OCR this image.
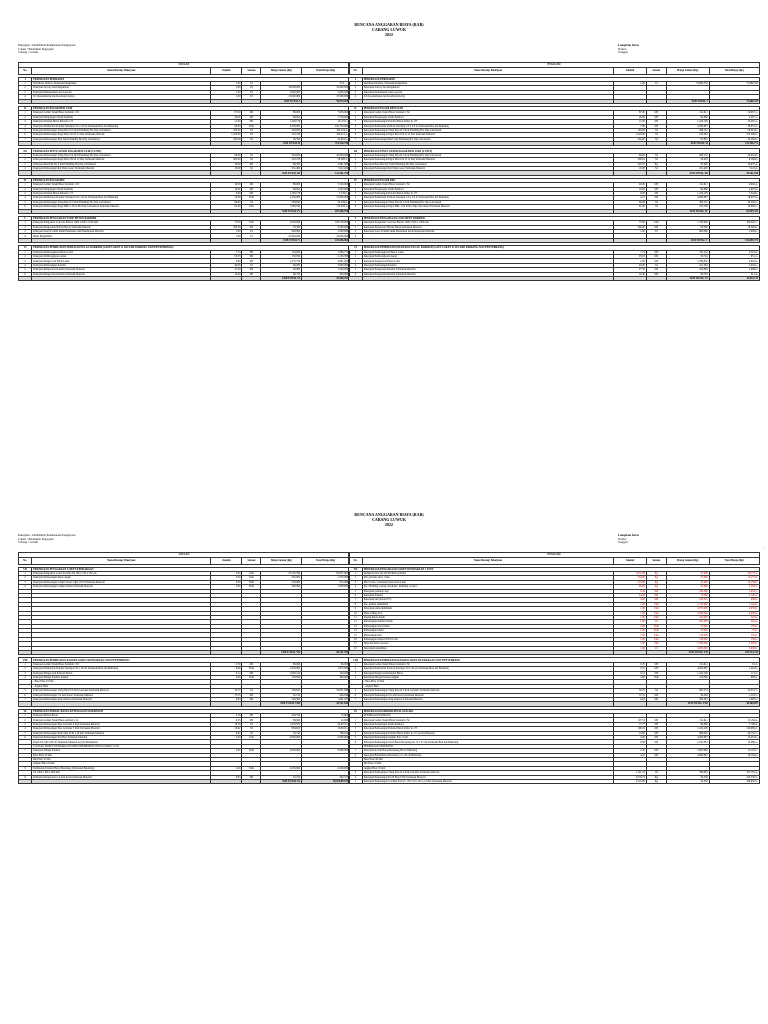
RENCANA ANGGARAN BIAYA (RAB)
CABANG LUWUK
2022
Pekerjaan : Identifikasi Pelaksanaan Pengerjaan
Lokasi : Pelabuhan Pegerjaan
Cabang : Luwuk
Lampiran Surat
Nomor
Tanggal
USULAN					
No.	Nama Barang/ Pekerjaan	Jumlah	Satuan	Harga Satuan (Rp)	Total Harga (Rp)

I	PEKERJAAN PERSIAPAN				
1	Mobilisasi Demob, Termasuk Pengiriman	1.00	LS		21.0…..
2	Pekerjaan Survey dan Pengukuran	1.00	LS	10,000,000	10,000,000
3	Pekerjaan Dokumentasi dan Laporan	1.00	LS	2,000,000	2,000,000
4	K3 (Keselamatan dan Kesehatan Kerja)	1.00	LS	15,000,000	15,000,000
				SUB TOTAL I	59,074,200

II	PEKERJAAN PAGAR BESI ULIR				
1	Pekerjaan Galian Tanah Biasa Sedalam 1 M	87.00	M3	88,000	7,656,000
2	Pekerjaan Pengurugan Tanah Kembali	26.00	M3	66,000	1,716,000
3	Pekerjaan Pondasi Beton Rabat K-175	11.00	M3	1,193,178	13,125,0..
4	Pekerjaan Pembuatan Pondasi Setempat 0.6 x 0.6 m Termasuk Besi dan Bekisting	99.00	Titik	2,250,000	222,750,000
5	Pekerjaan Pemasangan Tiang Pipa Ø 3 Inch Finishing Hot Dip Galvanized	183.00	M	563,625	103,143,3..
6	Pekerjaan Pemasangan Pagar Besi Ulir Ø 12 mm Termasuk Material	1,228.00	M	210,278	258,221,3..
7	Pekerjaan Pemasangan Besi Siku Finishing Hot Dip Galvanized	435.00	M	56,700	24,664,5..
				SUB TOTAL II	701,216,740

III	PEKERJAAN PINTU GESER PAGAR BESI ULIR (3 UNIT)				
1	Pekerjaan Pemasangan Tiang Pipa Ø 4 Inch Finishing Hot Dip Galvanized	80.00	M	563,625	45,090,000
2	Pekerjaan Pemasangan Pagar Besi Ulir Ø 12 mm Termasuk Material	282.00	M	210,278	59,298,3..
3	Pekerjaan Besi Plat 8ly 8 mm Finishing Hot Dip Galvanized	30.00	M2	89,700	2,691,000
4	Pekerjaan Pemasangan Rel Pintu Geser Termasuk Material	16.00	M	451,400	7,222,400
				SUB TOTAL III	114,301,794

IV	PEKERJAAN PAGAR BRC				
1	Pekerjaan Galian Tanah Biasa Sedalam 1 M	40.00	M3	88,000	3,520,000
2	Pekerjaan Pengurugan Tanah Kembali	19.00	M3	66,000	1,254,000
3	Pekerjaan Pondasi Beton Rabat K-175	6.00	M3	1,193,178	7,159,0..
4	Pekerjaan Pembuatan Pondasi Setempat 0.6 x 0.6 m Termasuk Besi dan Bekisting	32.00	Titik	2,250,000	72,000,000
5	Pekerjaan Pemasangan Tiang Pipa Ø 3 Inch Finishing Hot Dip Galvanized	96.00	M	563,625	54,108,0..
6	Pekerjaan Pemasangan Pagar BRC 2.00 m Hot Dip Galvanized Termasuk Material	81.00	Unit	1,395,794	113,059,3..
				SUB TOTAL IV	207,966,769

V	PEKERJAAN PENGADAAN TONE BETON BARRIER				
1	Pekerjaan Pengadaan Concrete Barrier 1000 x 600 x 1050 mm	75.00	Unit	2,250,000	168,750,000
2	Pekerjaan Pengecatan Barrier Beton Termasuk Material	285.00	M2	33,333	9,500,000
3	Pekerjaan Sewa Forklift untuk Penurunan dan Penempatan Material	1.00	LS	900,000	1,000,000
4	Biaya Pengiriman	1.00	LS	23,000,000	23,000,000
				SUB TOTAL V	225,466,960

VI	PEKERJAAN PEMBUATAN DUDUKAN PULAU BARRIER (GATE LOKET & SECURE PARKING NON PENYEBRANG)				
1	Pekerjaan Pembongkaran Beton Lama	7.74	M3	143,000	1,006,771
2	Pekerjaan Pembongkaran Aspal	93.03	M2	150,650	2,163,385
3	Pekerjaan Pengecoran Pulau Loket	0.80	M3	1,473,750	3,891,062
4	Pekerjaan Pemasangan Kanstin	40.00	M	99,000	3,960,000
5	Pekerjaan Pengecatan Kanstin Termasuk Material	27.50	M2	56,000	1,540,000
6	Pekerjaan Pengecatan Kanstin Termasuk Material	10.40	M2	86,723	900,000
				SUB TOTAL VI	29,469,292
EVALUASI					
No.	Nama Barang/ Pekerjaan	Jumlah	Satuan	Harga Satuan (Rp)	Total Harga (Rp)

I	PEKERJAAN PERSIAPAN				
1	Mobilisasi Demob, Termasuk Pengiriman	1.00	LS	73,668,333	73,668,333
2	Pekerjaan Survey dan Pengukuran				
3	Pekerjaan Dokumentasi dan Laporan				
4	K3 (Keselamatan dan Kesehatan Kerja)				
				SUB TOTAL I	73,668,333

II	PEKERJAAN PAGAR BESI ULIR				
1	Pekerjaan Galian Tanah Biasa Sedalam 1 M	87.00	M3	122,611	10,667,1..
2	Pekerjaan Pengurugan Tanah Kembali	26.00	M3	99,889	2,597,1..
3	Pekerjaan Pemasangan Pondasi Beton Rabat K-175	11.00	M3	1,224,109	13,465,1..
4	Pekerjaan Pembuatan Pondasi Setempat 0.6 x 0.6 m Termasuk Besi dan Bekisting	7.00	M3	4,093,897	28,657,2..
5	Pekerjaan Pemasangan Tiang Pipa Ø 3 Inch Finishing Hot Dip Galvanized	183.00	M	308,151	56,391,6..
6	Pekerjaan Pemasangan Pagar Besi Ulir Ø 12 mm Termasuk Material	1,228.00	M	126,463	155,296,5..
7	Pekerjaan Pemasangan Besi Siku Finishing Hot Dip Galvanized	435.00	M	97,855	42,566,9..
				SUB TOTAL II	313,556,771

III	PEKERJAAN PINTU GESER PAGAR BESI ULIR (3 UNIT)				
1	Pekerjaan Pemasangan Tiang Pipa Ø 4 Inch Finishing Hot Dip Galvanized	80.00	M	308,151	24,652,0..
2	Pekerjaan Pemasangan Pagar Besi Ulir Ø 12 mm Termasuk Material	268.81	M	30,493	8,196,0..
3	Pekerjaan Besi Plat 8ly 8 mm Finishing Hot Dip Galvanized	229.33	Kg	47,696	10,937,4..
4	Pekerjaan Pemasangan Rel Pintu Geser Termasuk Material	16.00	M	451,400	7,222,4..
				SUB TOTAL III	49,961,958

IV	PEKERJAAN PAGAR BRC				
1	Pekerjaan Galian Tanah Biasa Sedalam 1 M	40.00	M3	122,611	4,904,4..
2	Pekerjaan Pengurugan Tanah Kembali	19.00	M3	99,889	1,897,8..
3	Pekerjaan Pemasangan Pondasi Beton Rabat K-175	6.00	M3	1,224,109	7,344,6..
4	Pekerjaan Pembuatan Pondasi Setempat 0.6 x 0.6 m Termasuk Besi dan Bekisting	4.13	M3	4,093,897	16,907,8..
5	Pekerjaan Pemasangan Tiang Pipa Ø 3 Inch Finishing Hot Dip Galvanized	96.00	M	308,151	29,582,5..
6	Pekerjaan Pemasangan Pagar BRC 2.00 m Hot Dip Galvanized Termasuk Material	81.00	M	235,799	19,099,7..
				SUB TOTAL IV	82,095,411

V	PEKERJAAN PENGADAAN CONCRETE BARRIER				
1	Pekerjaan Pengadaan Concrete Barrier 1000 x 600 x 1050 mm	75.00	Unit	1,333,690	100,026,7..
2	Pekerjaan Pengecatan Barrier Beton Termasuk Material	300.00	M2	65,000	19,500,0..
3	Pekerjaan Sewa Forklift untuk Penurunan dan Penempatan Material	1.00	LS	900,000	1,000,0..
4					
				SUB TOTAL V	118,695,775

VI	PEKERJAAN PEMBUATAN DUDUKAN PULAU BARRIER (GATE LOKET & SECURE PARKING NON PENYEBRANG)				
1	Pekerjaan Pembongkaran Beton Lama	7.74	M3	325,232	2,518,3..
2	Pekerjaan Pembongkaran Aspal	93.03	M2	59,724	931,1..
3	Pekerjaan Pengecoran Pulau Loket	2.00	M3	1,369,850	2,845,9..
4	Pekerjaan Pemasangan Kanstin	40.00	M	161,364	1,004,1..
5	Pekerjaan Pengecatan Kanstin Termasuk Material	27.50	M2	204,800	1,966,6..
6	Pekerjaan Pengecatan Kanstin Termasuk Material	10.40	M2	69,534	911,4..
				SUB TOTAL VI	14,033,711
RENCANA ANGGARAN BIAYA (RAB)
CABANG LUWUK
2022
Pekerjaan : Identifikasi Pelaksanaan Pengerjaan
Lokasi : Pelabuhan Pegerjaan
Cabang : Luwuk
Lampiran Surat
Nomor
Tanggal
USULAN					
No.	Nama Barang/ Pekerjaan	Jumlah	Satuan	Harga Satuan (Rp)	Total Harga (Rp)

VII	PEKERJAAN PENGADAAN LOKET KENDARAAN				
1	Pekerjaan Pengadaan Loket Portable Uk 180 x 120 x 250 cm	3.00	Unit	25,152,390	65,057,000
2	Pekerjaan Pemasangan Kipas Angin	3.00	Unit	525,000	1,575,000
3	Pekerjaan Pemasangan Lampu Down Light 18 W Termasuk Material	3.00	Titik	230,000	615,000
4	Pekerjaan Pemasangan Lampu Dalam Termasuk Material	3.00	Titik	300,000	1,000,000

				SUB TOTAL VII	68,741,390

VIII	PEKERJAAN PEMBUATAN KANOPI LOKET KENDARAAN NON PENYEBRANG				
1	Pekerjaan Galian Tanah Biasa Sedalam 1 M	0.70	M3	88,000	66,000
2	Pekerjaan Pembuatan Pondasi Setempat 30 x 30 cm Termasuk Besi dan Bekisting	0.96	Titik	1,950,000	1,872,000
3	Pekerjaan Pengecoran Pedestal Beton	0.14	M3	1,000,214	140,030
4	Pekerjaan Dinagi Pondasi Angkur	4.00	Titik	150,000	600,000
	- Base Plate 10 mm				
	- Angkur Baut				
5	Pekerjaan Pemasangan Tiang Pipa Ø 4 Inch Galvanis Termasuk Material	50.70	M	563,625	35,031,938
6	Pekerjaan Pemasangan Cat Anti Karat Termasuk Material	37.55	M2	32,150	964,939
7	Pekerjaan Pemasangan Atap Alderon Termasuk Material	6.63	M2	226,500	1,801,427
				SUB TOTAL VIII	40,741,840

IX	PEKERJAAN PORTAL BATAS KETINGGIAN MAKSIMUM				
1	Pekerjaan Bobok Beton	0.18	M3	403,700	72,862
2	Pekerjaan Galian Tanah Biasa sedalam 1 m	0.25	M3	88,000	22,000
3	Pekerjaan Pemasangan Pipa Galvanis 4 Inch Termasuk Material	16.76	M	1,476,875	24,637,8..
4	Pekerjaan Pemasangan Pipa Galvanis 3 Inch Termasuk Material	10.92	M	983,625	10,661,9..
5	Pekerjaan Pemasangan Pelat Siku Ø 40 x 40 mm Termasuk Material	9.64	M	79,744	768,164
6	Pekerjaan Pemasangan Plat Besi Termasuk Material	2.00	Unit	2,000,000	4,000,000
	Papan Uk 100 x 60 cm Termasuk Material Acrylic Berkualitas				
	TULISAN HURUF KENDARAAN MINUS BERBOBOT TINGGI MAKS 3.5 M				
7	Pekerjaan Dinagi Pondasi	4.00	Titik	2,000,000	8,000,000
	Base Plate 20 mm				
	Rib Plate 10 mm				
	Angkur Baut 16 mm				
8	Pembuatan Pondasi Beton Bertulang (Termasuk Bekisting)	2.00	Titik	2,250,000	4,500,000
	Uk 1000 x 800 x 800 mm				
9	Pekerjaan Pengecatan Cat Anti Karat Termasuk Material	9.03	M2	32,150	290,315
				SUB TOTAL IX	50,070,857.67
EVALUASI					
No.	Nama Barang/ Pekerjaan	Jumlah	Satuan	Harga Satuan (Rp)	Total Harga (Rp)

VII	PEKERJAAN PENGADAAN LOKET KENDARAAN 1 UNIT				
1	Rangka hollow uk 50x35x3mm galvanis	1,051.98	Kg	47,696	50,175,3..
2	Plat galvanis tebal 1 mm	254.90	Kg	47,696	12,157,6..
3	Plat bordes / checkered plate tebal 2 mm	275.89	Kg	47,696	13,158,9..
4	Pas / Bushing, tatalan, mechanic, finishing cat duco	65.00	Kg	47,696	3,100,2..
5	Pekerjaan pemutup atap	6.42	M2	226,500	1,454,1..
6	Pekerjaan Insulasi	14.94	M2	75,000	1,120,5..
7	Pekerjaan jam plafon PVC	4.00	M2	109,225	436,9..
8	Pas. jendela aluminium	1.00	Unit	1,144,960	1,144,9..
9	Pekerjaan pintu aluminium	1.00	Unit	2,070,000	2,070,0..
10	Pintu rolling door	1.00	Unit	2,000,000	2,000,0..
11	Pasang Kipas Angin	1.00	Unit	525,000	525,0..
12	Pemasangan instalasi listrik	1.00	LS	502,400	502,4..
13	Pemasangan stop kontak	2.00	Titik	75,000	150,0..
14	Pemasangan saklar	1.00	Titik	75,000	75,0..
15	Pemasangan mcb	1.00	Unit	150,000	150,0..
16	Pemasangan lampu LED 18 watt	1.00	Unit	130,000	130,0..
17	Meja dan kursi operator	1.00	Unit	1,500,000	1,500,0..
18	Pekerjaan pengiriman	1.00	LS	3,000,000	3,000,0..
				SUB TOTAL VII	109,743,311

VIII	PEKERJAAN PEMBUATAN KANOPI LOKET KENDARAAN NON PENYEBRANG				
1	Pekerjaan Galian Tanah Biasa Sedalam 1 M	0.70	M3	122,611	91,2..
2	Pekerjaan Pembuatan Pondasi Setempat 30 x 30 cm Termasuk Besi dan Bekisting	0.31	M3	4,093,897	1,262,6..
3	Pekerjaan Pengecoran Pedestal Beton	0.14	M3	1,224,109	171,3..
4	Pekerjaan Dinagi Pondasi Angkur	4.00	Titik	150,000	600,0..
	- Base Plate 10 mm				
	- Angkur Baut				
5	Pekerjaan Pemasangan Tiang Pipa Ø 4 Inch Galvanis Termasuk Material	50.70	M	697,273	35,351,7..
6	Pekerjaan Pemasangan Cat Anti Karat Termasuk Material	37.55	M2	29,364	1,102,5..
7	Pekerjaan Pemasangan Atap Alderon Termasuk Material	6.63	M2	300,403	1,990,5..
				SUB TOTAL VIII	40,569,097

IX	PEKERJAAN KORIDOR PEJALAN KAKI				
	PEKERJAAN PONDASI				
1	Pekerjaan Galian Tanah Biasa Sedalam 1 M	107.53	M3	122,611	13,184,4..
2	Pekerjaan Pengurugan Tanah Kembali	77.77	M3	99,889	7,768,4..
3	Pekerjaan Pemasangan Pondasi Beton Rabat K-175	106.19	M3	1,224,109	129,989,2..
4	Pekerjaan Pemasangan Pondasi Beton Rabat K-175 (Lantai/Pijakan)	24.80	M3	998,093	24,752,7..
5	Pekerjaan Pemasangan Angkur Plat 1 Unit	3.00	M3	4,093,897	12,281,6..
6	Pekerjaan Pemasangan Sloof Beton Bertulang uk 15 x 25 cm Termasuk Besi dan Bekisting	9.98	M3	1,031,061	10,286,1..
	PEKERJAAN STRUKTUR				
1	Pekerjaan Kolom Beton Bertulang Beton Bekisting	2.42	M3	5,001,983	12,104,7..
2	Pekerjaan Balok Beton Bertulang 15 x 20 cm Bekisting	4.10	M3	4,093,897	16,784,9..
	Base Plate 20 mm				
	Rib Plate 10 mm				
	Angkur Baut 16 mm				
3	Pekerjaan Pemasangan Tiang Pipa Ø 4 Inch Galvanis Termasuk Material	1,191.23	M	396,894	472,795,4..
4	Pekerjaan Pemasangan Profil Baja UNP Termasuk Material	2,079.74	Kg	59,506	123,756,5..
5	Pekerjaan Pemasangan Gording Profil C 150 x 50 x 20 x 2.3 mm Termasuk Material	3,310.99	Kg	59,456	196,850,6..
